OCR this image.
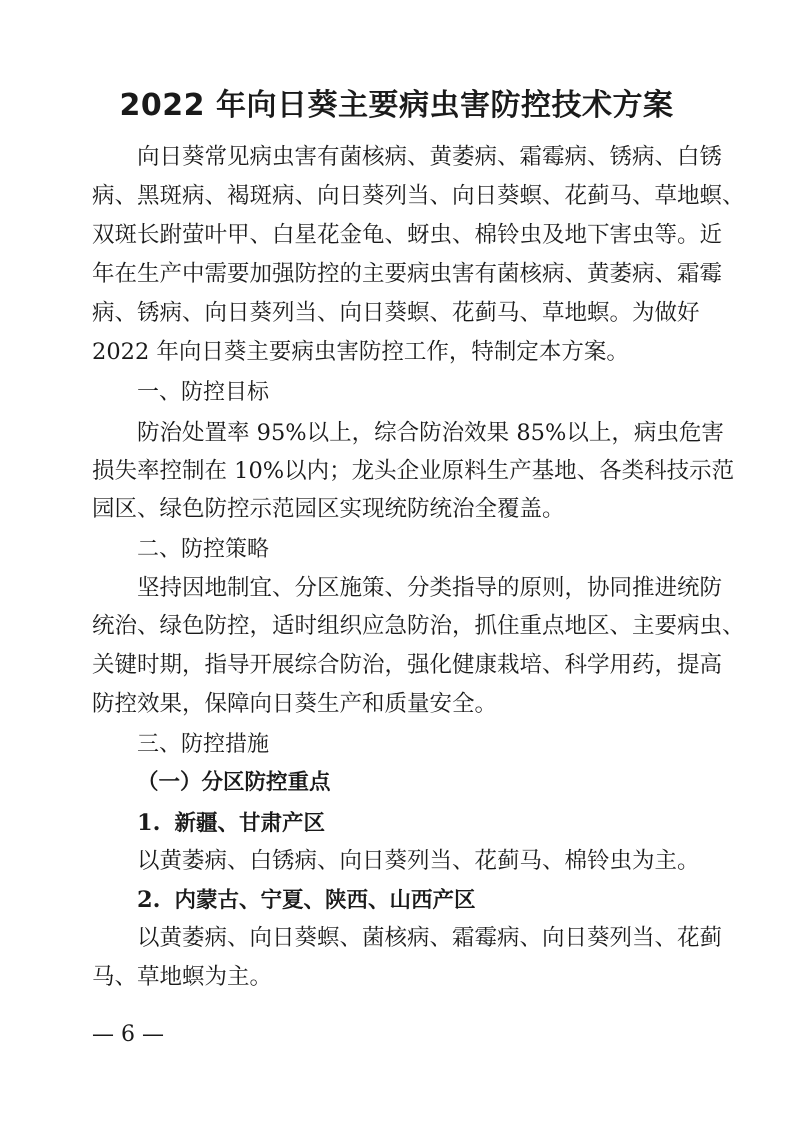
2022 年向日葵主要病虫害防控技术方案
向日葵常见病虫害有菌核病、黄萎病、霜霉病、锈病、白锈
病、黑斑病、褐斑病、向日葵列当、向日葵螟、花蓟马、草地螟、
双斑长跗萤叶甲、白星花金龟、蚜虫、棉铃虫及地下害虫等。近
年在生产中需要加强防控的主要病虫害有菌核病、黄萎病、霜霉
病、锈病、向日葵列当、向日葵螟、花蓟马、草地螟。为做好
2022 年向日葵主要病虫害防控工作，特制定本方案。
一、防控目标
防治处置率 95%以上，综合防治效果 85%以上，病虫危害
损失率控制在 10%以内；龙头企业原料生产基地、各类科技示范
园区、绿色防控示范园区实现统防统治全覆盖。
二、防控策略
坚持因地制宜、分区施策、分类指导的原则，协同推进统防
统治、绿色防控，适时组织应急防治，抓住重点地区、主要病虫、
关键时期，指导开展综合防治，强化健康栽培、科学用药，提高
防控效果，保障向日葵生产和质量安全。
三、防控措施
（一）分区防控重点
1. 新疆、甘肃产区
以黄萎病、白锈病、向日葵列当、花蓟马、棉铃虫为主。
2. 内蒙古、宁夏、陕西、山西产区
以黄萎病、向日葵螟、菌核病、霜霉病、向日葵列当、花蓟
马、草地螟为主。
— 6 —
